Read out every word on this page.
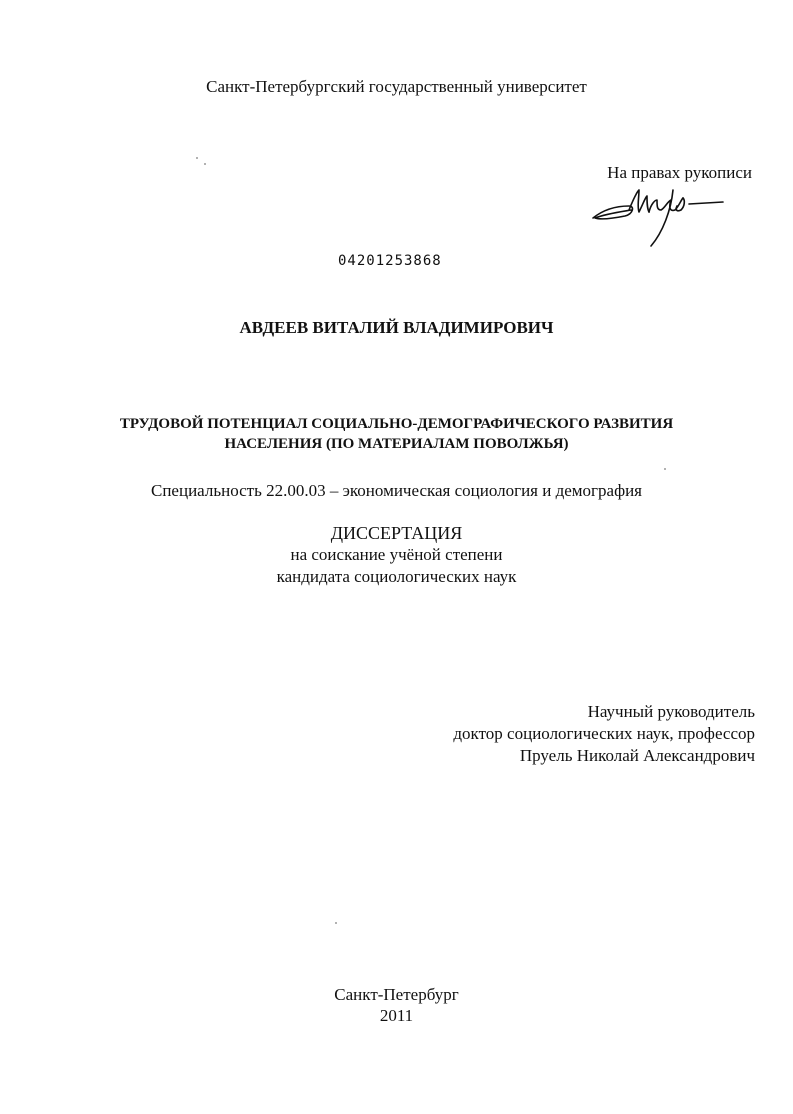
Санкт-Петербургский государственный университет
На правах рукописи
04201253868
АВДЕЕВ ВИТАЛИЙ ВЛАДИМИРОВИЧ
ТРУДОВОЙ ПОТЕНЦИАЛ СОЦИАЛЬНО-ДЕМОГРАФИЧЕСКОГО РАЗВИТИЯ
НАСЕЛЕНИЯ (ПО МАТЕРИАЛАМ ПОВОЛЖЬЯ)
Специальность 22.00.03 – экономическая социология и демография
ДИССЕРТАЦИЯ
на соискание учёной степени
кандидата социологических наук
Научный руководитель
доктор социологических наук, профессор
Пруель Николай Александрович
Санкт-Петербург
2011
